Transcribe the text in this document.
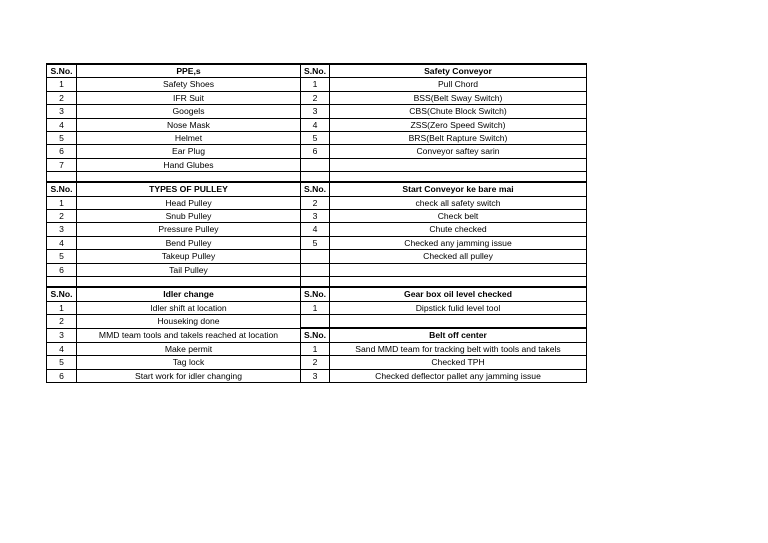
S.No.	PPE,s	S.No.	Safety Conveyor
1	Safety Shoes	1	Pull Chord
2	IFR Suit	2	BSS(Belt Sway Switch)
3	Googels	3	CBS(Chute Block Switch)
4	Nose Mask	4	ZSS(Zero Speed Switch)
5	Helmet	5	BRS(Belt Rapture Switch)
6	Ear Plug	6	Conveyor saftey sarin
7	Hand Glubes		

S.No.	TYPES OF PULLEY	S.No.	Start Conveyor ke bare mai
1	Head Pulley	2	check all safety switch
2	Snub Pulley	3	Check belt
3	Pressure Pulley	4	Chute checked
4	Bend Pulley	5	Checked any jamming issue
5	Takeup Pulley		Checked all pulley
6	Tail Pulley		

S.No.	Idler change	S.No.	Gear box oil level checked
1	Idler shift at location	1	Dipstick fulid level tool
2	Houseking done		
3	MMD team tools and takels reached at location	S.No.	Belt off center
4	Make permit	1	Sand MMD team for tracking belt with tools and takels
5	Tag lock	2	Checked TPH
6	Start work for idler changing	3	Checked deflector pallet any jamming issue
